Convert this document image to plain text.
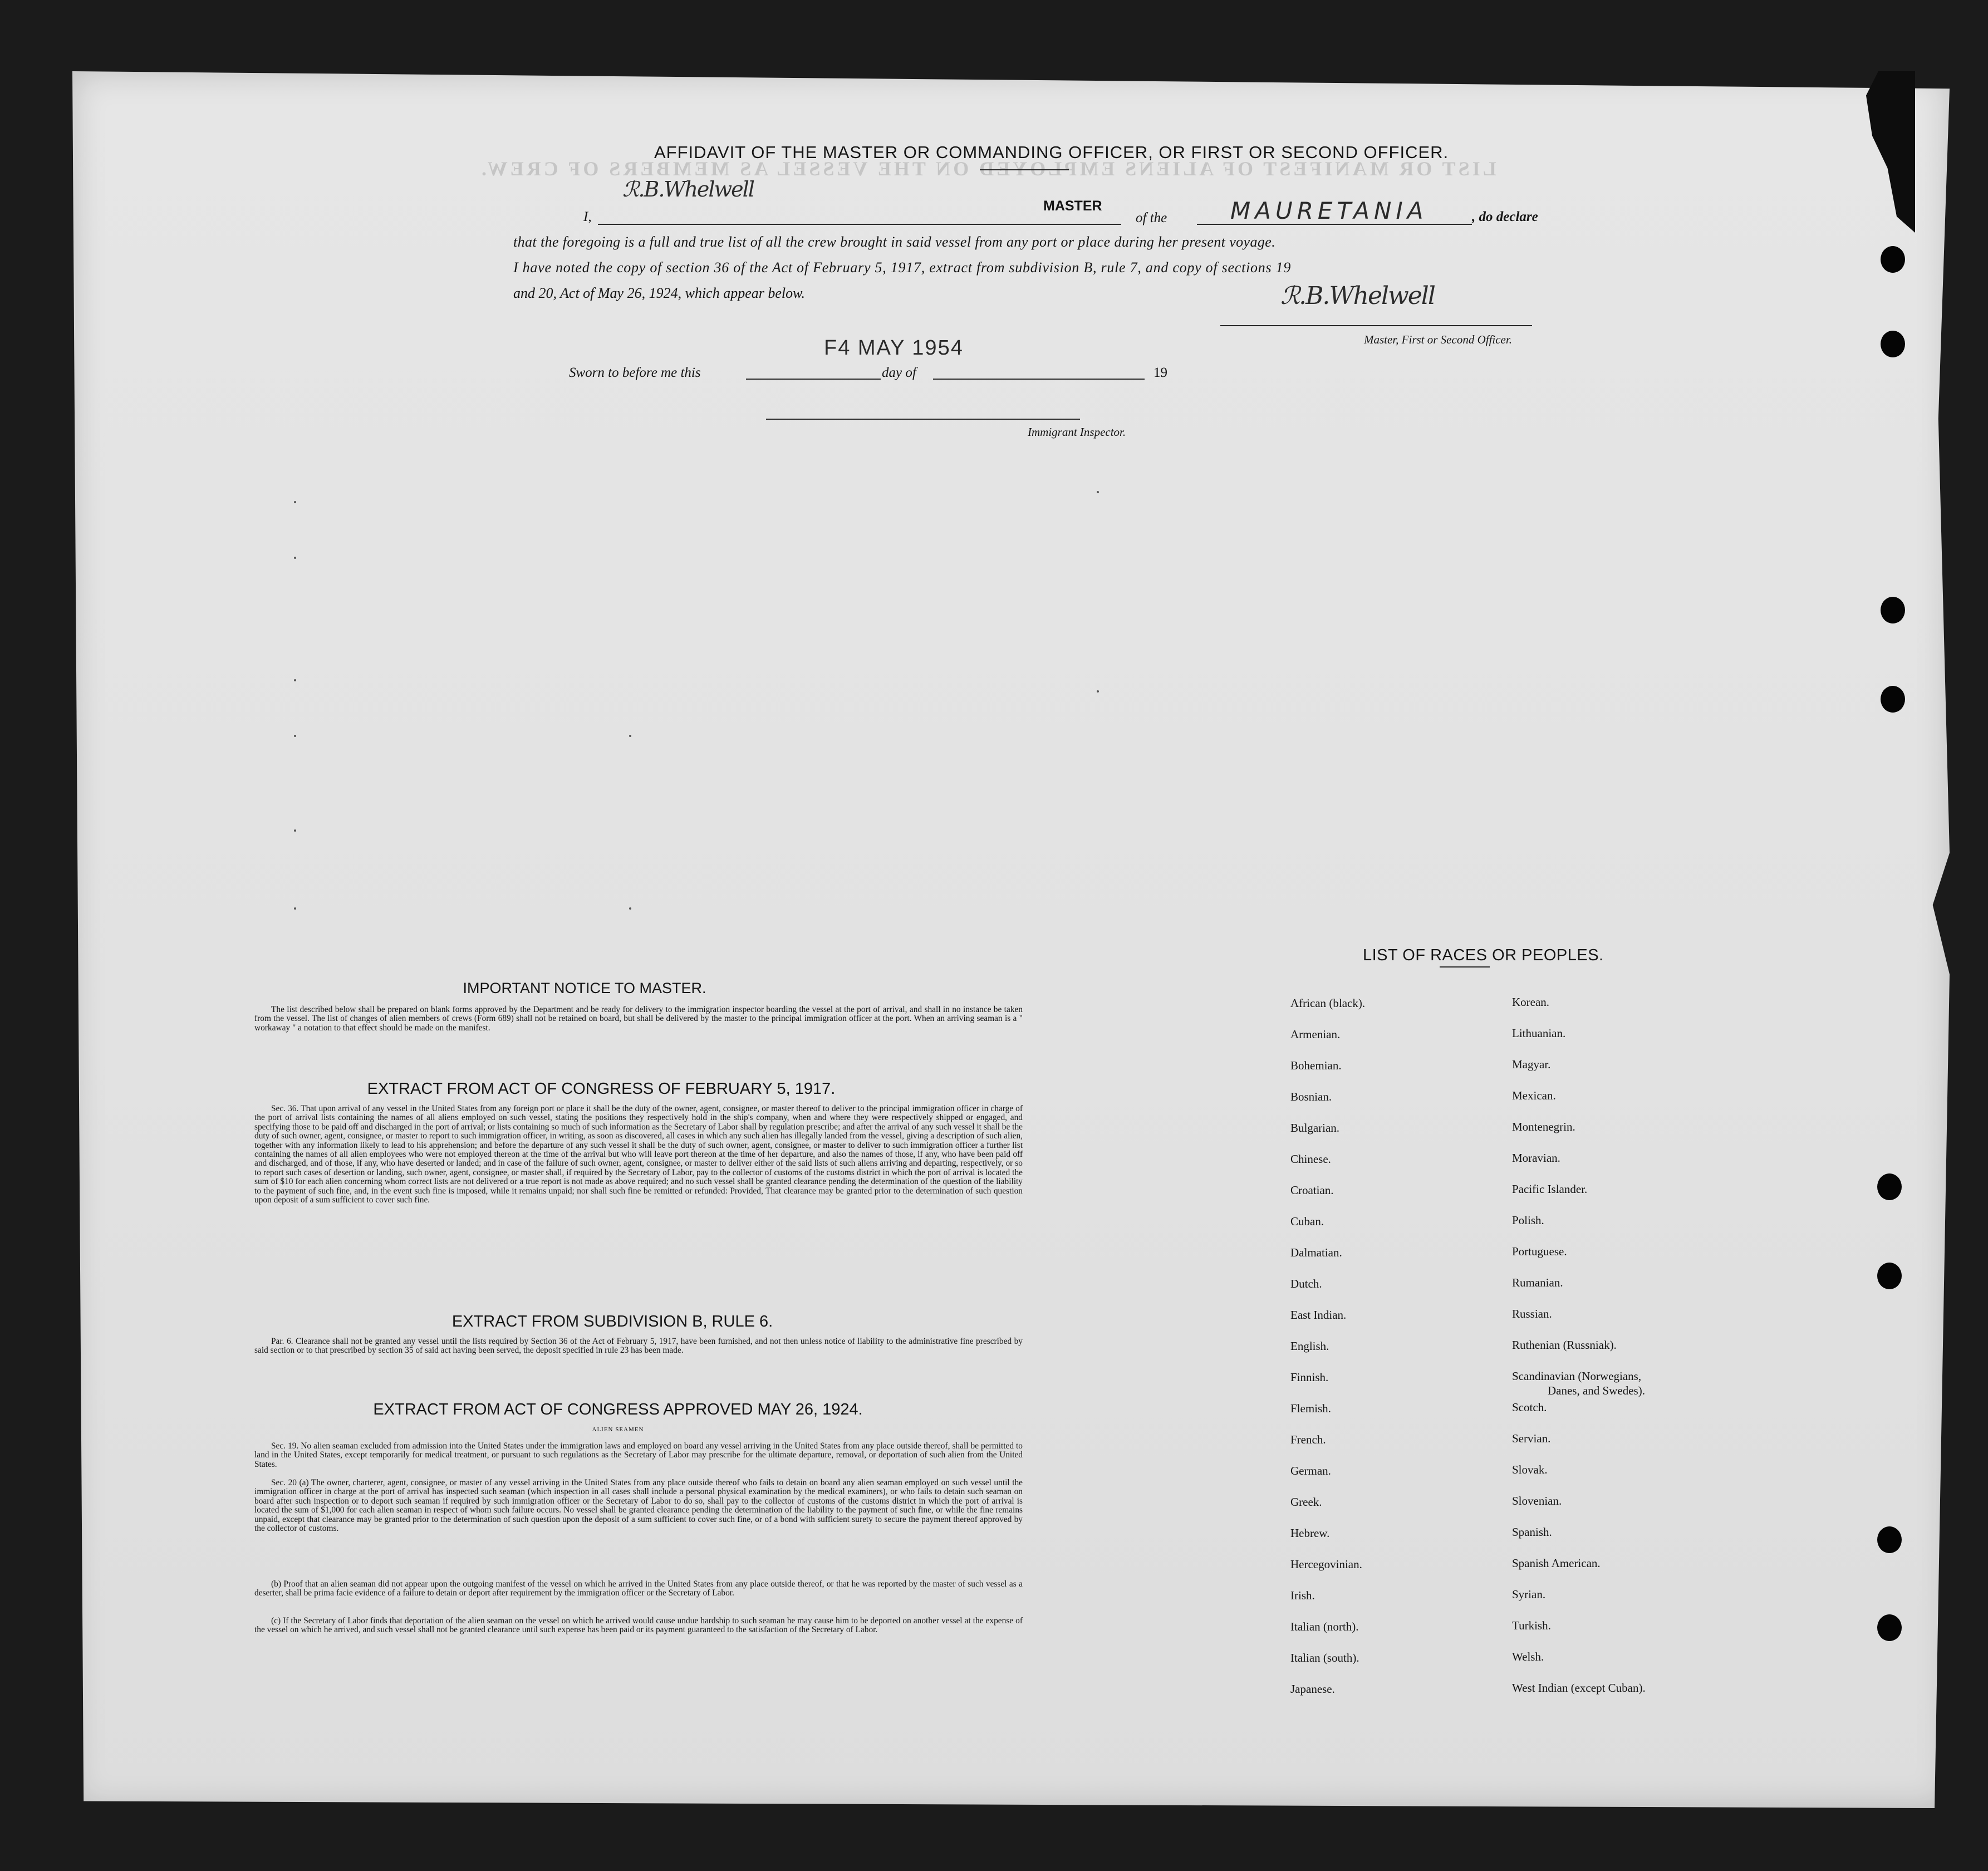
LIST OR MANIFEST OF ALIENS EMPLOYED ON THE VESSEL AS MEMBERS OF CREW.
AFFIDAVIT OF THE MASTER OR COMMANDING OFFICER, OR FIRST OR SECOND OFFICER.
I,
ℛ.B.Whelwell
MASTER
of the	MAURETANIA	, do declare
that the foregoing is a full and true list of all the crew brought in said vessel from any port or place during her present voyage.
I have noted the copy of section 36 of the Act of February 5, 1917, extract from subdivision B, rule 7, and copy of sections 19
and 20, Act of May 26, 1924, which appear below.	ℛ.B.Whelwell
Master, First or Second Officer.
F4 MAY 1954
Sworn to before me this	day of	19
Immigrant Inspector.
IMPORTANT NOTICE TO MASTER.
The list described below shall be prepared on blank forms approved by the Department and be ready for delivery to the immigration inspector boarding the vessel at the port of arrival, and shall in no instance be taken from the vessel. The list of changes of alien members of crews (Form 689) shall not be retained on board, but shall be delivered by the master to the principal immigration officer at the port. When an arriving seaman is a " workaway " a notation to that effect should be made on the manifest.
EXTRACT FROM ACT OF CONGRESS OF FEBRUARY 5, 1917.
Sec. 36. That upon arrival of any vessel in the United States from any foreign port or place it shall be the duty of the owner, agent, consignee, or master thereof to deliver to the principal immigration officer in charge of the port of arrival lists containing the names of all aliens employed on such vessel, stating the positions they respectively hold in the ship's company, when and where they were respectively shipped or engaged, and specifying those to be paid off and discharged in the port of arrival; or lists containing so much of such information as the Secretary of Labor shall by regulation prescribe; and after the arrival of any such vessel it shall be the duty of such owner, agent, consignee, or master to report to such immigration officer, in writing, as soon as discovered, all cases in which any such alien has illegally landed from the vessel, giving a description of such alien, together with any information likely to lead to his apprehension; and before the departure of any such vessel it shall be the duty of such owner, agent, consignee, or master to deliver to such immigration officer a further list containing the names of all alien employees who were not employed thereon at the time of the arrival but who will leave port thereon at the time of her departure, and also the names of those, if any, who have been paid off and discharged, and of those, if any, who have deserted or landed; and in case of the failure of such owner, agent, consignee, or master to deliver either of the said lists of such aliens arriving and departing, respectively, or so to report such cases of desertion or landing, such owner, agent, consignee, or master shall, if required by the Secretary of Labor, pay to the collector of customs of the customs district in which the port of arrival is located the sum of $10 for each alien concerning whom correct lists are not delivered or a true report is not made as above required; and no such vessel shall be granted clearance pending the determination of the question of the liability to the payment of such fine, and, in the event such fine is imposed, while it remains unpaid; nor shall such fine be remitted or refunded: Provided, That clearance may be granted prior to the determination of such question upon deposit of a sum sufficient to cover such fine.
EXTRACT FROM SUBDIVISION B, RULE 6.
Par. 6. Clearance shall not be granted any vessel until the lists required by Section 36 of the Act of February 5, 1917, have been furnished, and not then unless notice of liability to the administrative fine prescribed by said section or to that prescribed by section 35 of said act having been served, the deposit specified in rule 23 has been made.
EXTRACT FROM ACT OF CONGRESS APPROVED MAY 26, 1924.
ALIEN SEAMEN
Sec. 19. No alien seaman excluded from admission into the United States under the immigration laws and employed on board any vessel arriving in the United States from any place outside thereof, shall be permitted to land in the United States, except temporarily for medical treatment, or pursuant to such regulations as the Secretary of Labor may prescribe for the ultimate departure, removal, or deportation of such alien from the United States.
Sec. 20 (a) The owner, charterer, agent, consignee, or master of any vessel arriving in the United States from any place outside thereof who fails to detain on board any alien seaman employed on such vessel until the immigration officer in charge at the port of arrival has inspected such seaman (which inspection in all cases shall include a personal physical examination by the medical examiners), or who fails to detain such seaman on board after such inspection or to deport such seaman if required by such immigration officer or the Secretary of Labor to do so, shall pay to the collector of customs of the customs district in which the port of arrival is located the sum of $1,000 for each alien seaman in respect of whom such failure occurs. No vessel shall be granted clearance pending the determination of the liability to the payment of such fine, or while the fine remains unpaid, except that clearance may be granted prior to the determination of such question upon the deposit of a sum sufficient to cover such fine, or of a bond with sufficient surety to secure the payment thereof approved by the collector of customs.
(b) Proof that an alien seaman did not appear upon the outgoing manifest of the vessel on which he arrived in the United States from any place outside thereof, or that he was reported by the master of such vessel as a deserter, shall be prima facie evidence of a failure to detain or deport after requirement by the immigration officer or the Secretary of Labor.
(c) If the Secretary of Labor finds that deportation of the alien seaman on the vessel on which he arrived would cause undue hardship to such seaman he may cause him to be deported on another vessel at the expense of the vessel on which he arrived, and such vessel shall not be granted clearance until such expense has been paid or its payment guaranteed to the satisfaction of the Secretary of Labor.
LIST OF RACES OR PEOPLES.
African (black).
Armenian.
Bohemian.
Bosnian.
Bulgarian.
Chinese.
Croatian.
Cuban.
Dalmatian.
Dutch.
East Indian.
English.
Finnish.
Flemish.
French.
German.
Greek.
Hebrew.
Hercegovinian.
Irish.
Italian (north).
Italian (south).
Japanese.
Korean.
Lithuanian.
Magyar.
Mexican.
Montenegrin.
Moravian.
Pacific Islander.
Polish.
Portuguese.
Rumanian.
Russian.
Ruthenian (Russniak).
Scandinavian (Norwegians,
Danes, and Swedes).
Scotch.
Servian.
Slovak.
Slovenian.
Spanish.
Spanish American.
Syrian.
Turkish.
Welsh.
West Indian (except Cuban).
